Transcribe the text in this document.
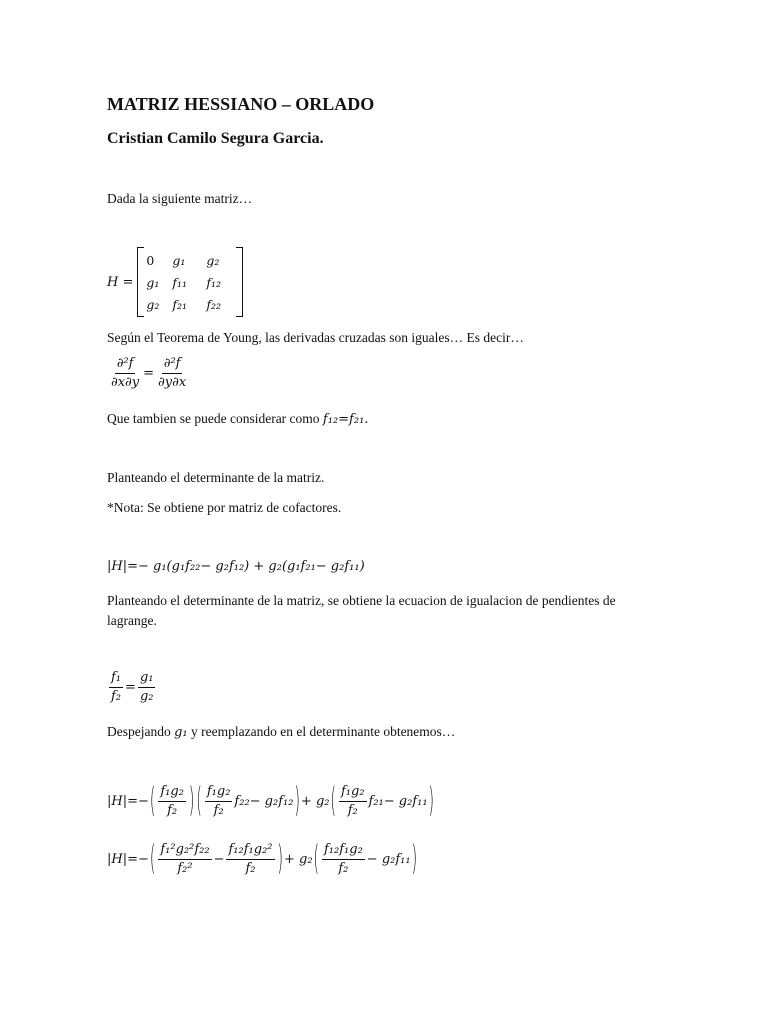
MATRIZ HESSIANO – ORLADO
Cristian Camilo Segura Garcia.
Dada la siguiente matriz…
H =
0	g₁	g₂
g₁	f₁₁	f₁₂
g₂	f₂₁	f₂₂
Según el Teorema de Young, las derivadas cruzadas son iguales… Es decir…
$\frac{\text{∂²f}}{\partial x\partial y} = \frac{\text{∂²f}}{\partial y\partial x}$
Que tambien se puede considerar como f₁₂=f₂₁.
Planteando el determinante de la matriz.
*Nota: Se obtiene por matriz de cofactores.
|H|=− g₁(g₁f₂₂− g₂f₁₂) + g₂(g₁f₂₁− g₂f₁₁)
Planteando el determinante de la matriz, se obtiene la ecuacion de igualacion de pendientes de lagrange.
$\frac{\text{f₁}}{\text{f₂}} = \frac{\text{g₁}}{\text{g₂}}$
Despejando g₁ y reemplazando en el determinante obtenemos…
|H|=− ( $\frac{\text{f₁g₂}}{\text{f₂}}$ ) ( $\frac{\text{f₁g₂}}{\text{f₂}} f_{22}- g_2f_{12}$ ) + g₂ ( $\frac{\text{f₁g₂}}{\text{f₂}} f_{21}- g_2f_{11}$ )
|H|=− ( $\frac{\text{f₁²g₂²f₂₂}}{\text{f₂²}} - \frac{\text{f₁₂f₁g₂²}}{\text{f₂}}$ ) + g₂ ( $\frac{\text{f₁₂f₁g₂}}{\text{f₂}} - g_2f_{11}$ )
